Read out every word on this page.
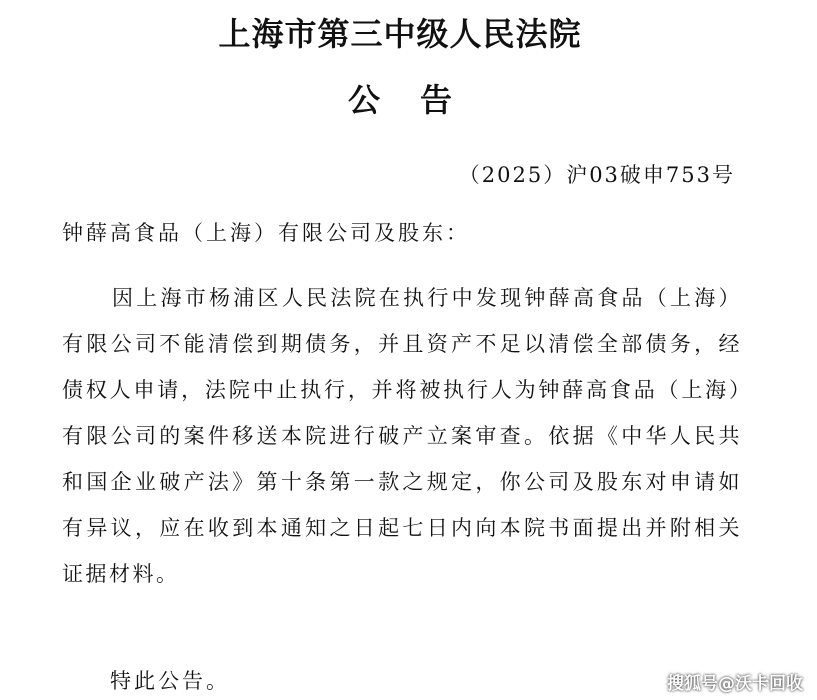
上海市第三中级人民法院
公告
（2025）沪03破申753号
钟薛高食品（上海）有限公司及股东：

因上海市杨浦区人民法院在执行中发现钟薛高食品（上海）有限公司不能清偿到期债务，并且资产不足以清偿全部债务，经债权人申请，法院中止执行，并将被执行人为钟薛高食品（上海）有限公司的案件移送本院进行破产立案审查。依据《中华人民共和国企业破产法》第十条第一款之规定，你公司及股东对申请如有异议，应在收到本通知之日起七日内向本院书面提出并附相关证据材料。

特此公告。	搜狐号@沃卡回收
